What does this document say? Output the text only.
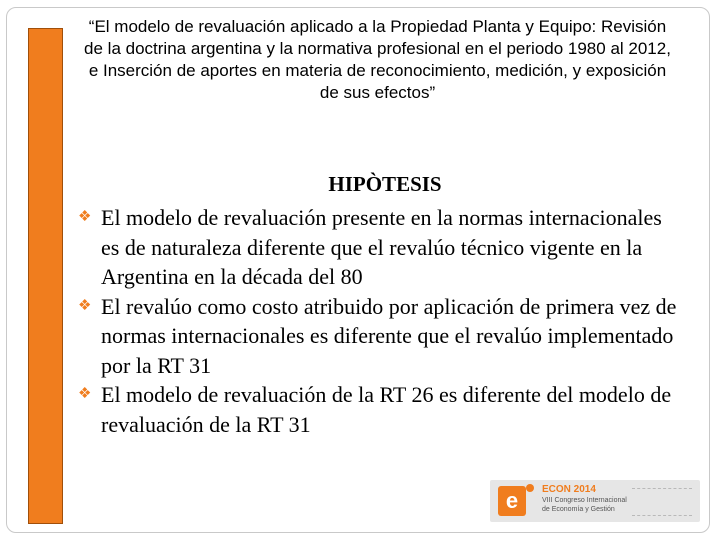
“El modelo de revaluación aplicado a la Propiedad Planta y Equipo: Revisión de la doctrina argentina y la normativa profesional en el periodo 1980 al 2012, e Inserción de aportes en materia de reconocimiento, medición, y exposición de sus efectos”
HIPÒTESIS
❖ El modelo de revaluación presente en la normas internacionales es de naturaleza diferente que el revalúo técnico vigente en la Argentina en la década del 80
❖ El revalúo como costo atribuido por aplicación de primera vez de normas internacionales es diferente que el revalúo implementado por la RT 31
❖ El modelo de revaluación de la RT 26 es diferente del modelo de revaluación de la RT 31
e	ECON 2014
VIII Congreso Internacional
de Economía y Gestión
